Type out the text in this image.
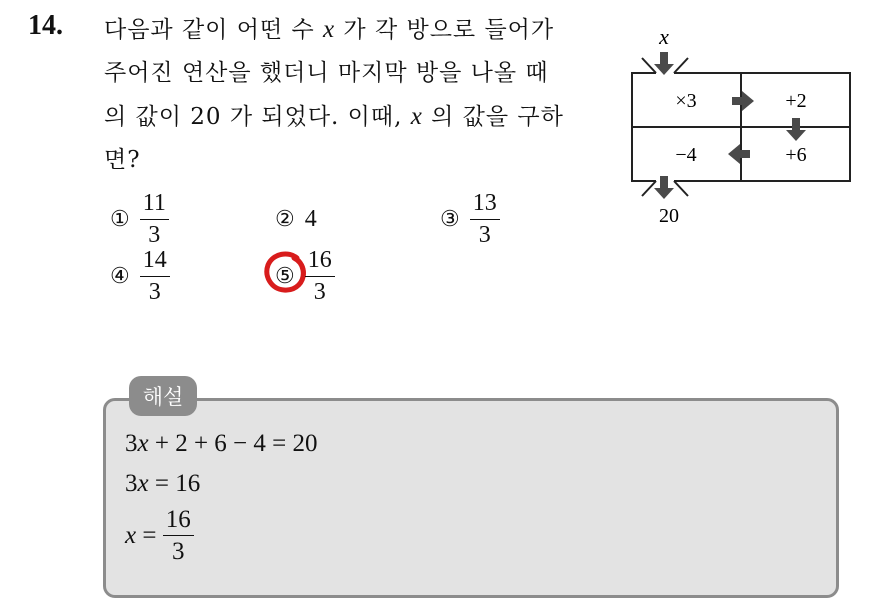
14. 다음과 같이 어떤 수 x 가 각 방으로 들어가

주어진 연산을 했더니 마지막 방을 나올 때

의 값이 20 가 되었다. 이때, x 의 값을 구하

면?

① $\frac{11}{3}$	② 4	③ $\frac{13}{3}$
④ $\frac{14}{3}$	⑤ $\frac{16}{3}$
x
×3	+2
+6
−4
20
해설
3x + 2 + 6 − 4 = 20
3x = 16
$x = \frac{16}{3}$
